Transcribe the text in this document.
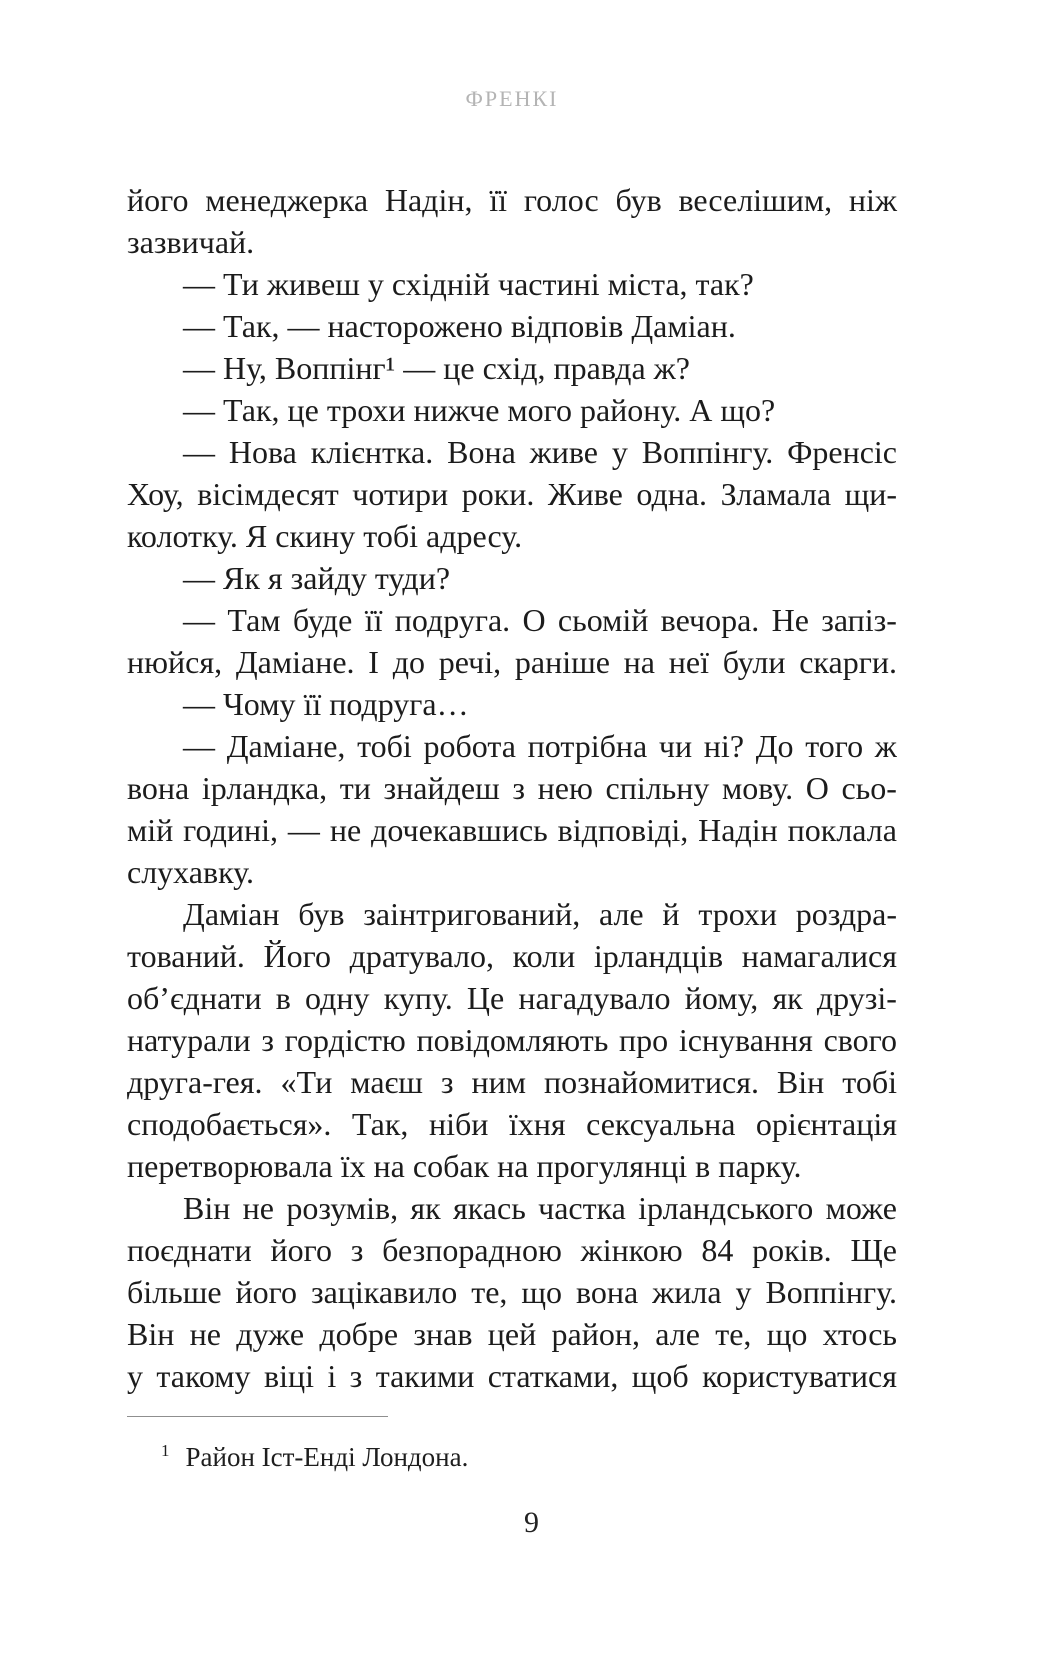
ФРЕНКІ
його менеджерка Надін, її голос був веселішим, ніж
зазвичай.
— Ти живеш у східній частині міста, так?
— Так, — насторожено відповів Даміан.
— Ну, Воппінг¹ — це схід, правда ж?
— Так, це трохи нижче мого району. А що?
— Нова клієнтка. Вона живе у Воппінгу. Френсіс
Хоу, вісімдесят чотири роки. Живе одна. Зламала щи-
колотку. Я скину тобі адресу.
— Як я зайду туди?
— Там буде її подруга. О сьомій вечора. Не запіз-
нюйся, Даміане. І до речі, раніше на неї були скарги.
— Чому її подруга…
— Даміане, тобі робота потрібна чи ні? До того ж
вона ірландка, ти знайдеш з нею спільну мову. О сьо-
мій годині, — не дочекавшись відповіді, Надін поклала
слухавку.
Даміан був заінтригований, але й трохи роздра-
тований. Його дратувало, коли ірландців намагалися
об’єднати в одну купу. Це нагадувало йому, як друзі-
натурали з гордістю повідомляють про існування свого
друга-гея. «Ти маєш з ним познайомитися. Він тобі
сподобається». Так, ніби їхня сексуальна орієнтація
перетворювала їх на собак на прогулянці в парку.
Він не розумів, як якась частка ірландського може
поєднати його з безпорадною жінкою 84 років. Ще
більше його зацікавило те, що вона жила у Воппінгу.
Він не дуже добре знав цей район, але те, що хтось
у такому віці і з такими статками, щоб користуватися
$^1$ Район Іст-Енді Лондона.
9
